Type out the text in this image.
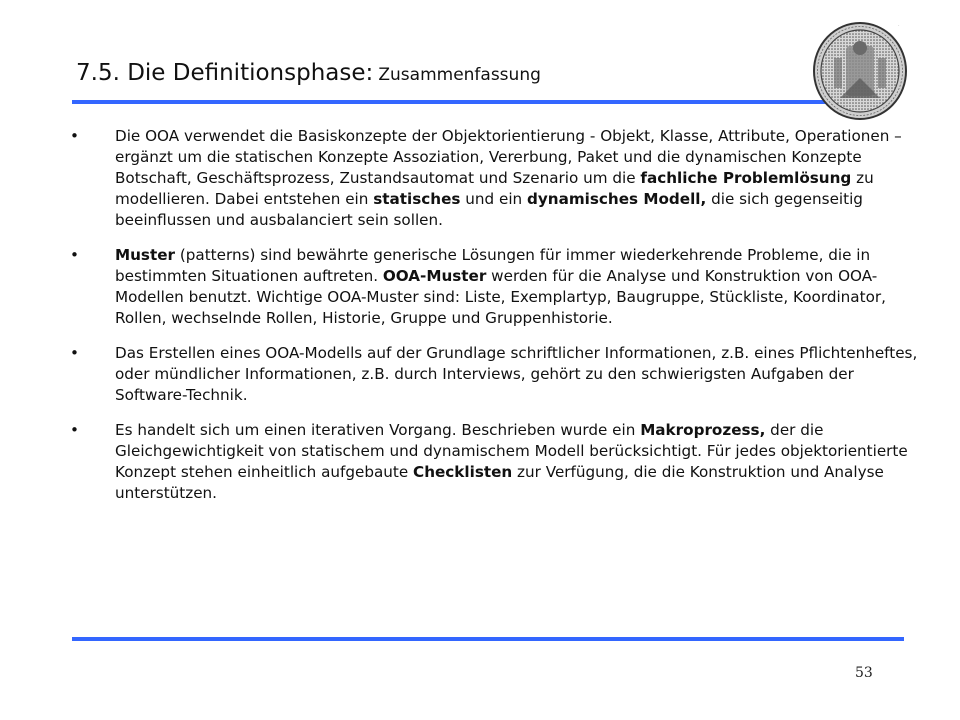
7.5. Die Definitionsphase: Zusammenfassung
·
•	Die OOA verwendet die Basiskonzepte der Objektorientierung - Objekt, Klasse, Attribute, Operationen – ergänzt um die statischen Konzepte Assoziation, Vererbung, Paket und die dynamischen Konzepte Botschaft, Geschäftsprozess, Zustandsautomat und Szenario um die fachliche Problemlösung zu modellieren. Dabei entstehen ein statisches und ein dynamisches Modell, die sich gegenseitig beeinflussen und ausbalanciert sein sollen.
•	Muster (patterns) sind bewährte generische Lösungen für immer wiederkehrende Probleme, die in bestimmten Situationen auftreten. OOA-Muster werden für die Analyse und Konstruktion von OOA-Modellen benutzt. Wichtige OOA-Muster sind: Liste, Exemplartyp, Baugruppe, Stückliste, Koordinator, Rollen, wechselnde Rollen, Historie, Gruppe und Gruppenhistorie.
•	Das Erstellen eines OOA-Modells auf der Grundlage schriftlicher Informationen, z.B. eines Pflichtenheftes, oder mündlicher Informationen, z.B. durch Interviews, gehört zu den schwierigsten Aufgaben der Software-Technik.
•	Es handelt sich um einen iterativen Vorgang. Beschrieben wurde ein Makroprozess, der die Gleichgewichtigkeit von statischem und dynamischem Modell berücksichtigt. Für jedes objektorientierte Konzept stehen einheitlich aufgebaute Checklisten zur Verfügung, die die Konstruktion und Analyse unterstützen.
53
